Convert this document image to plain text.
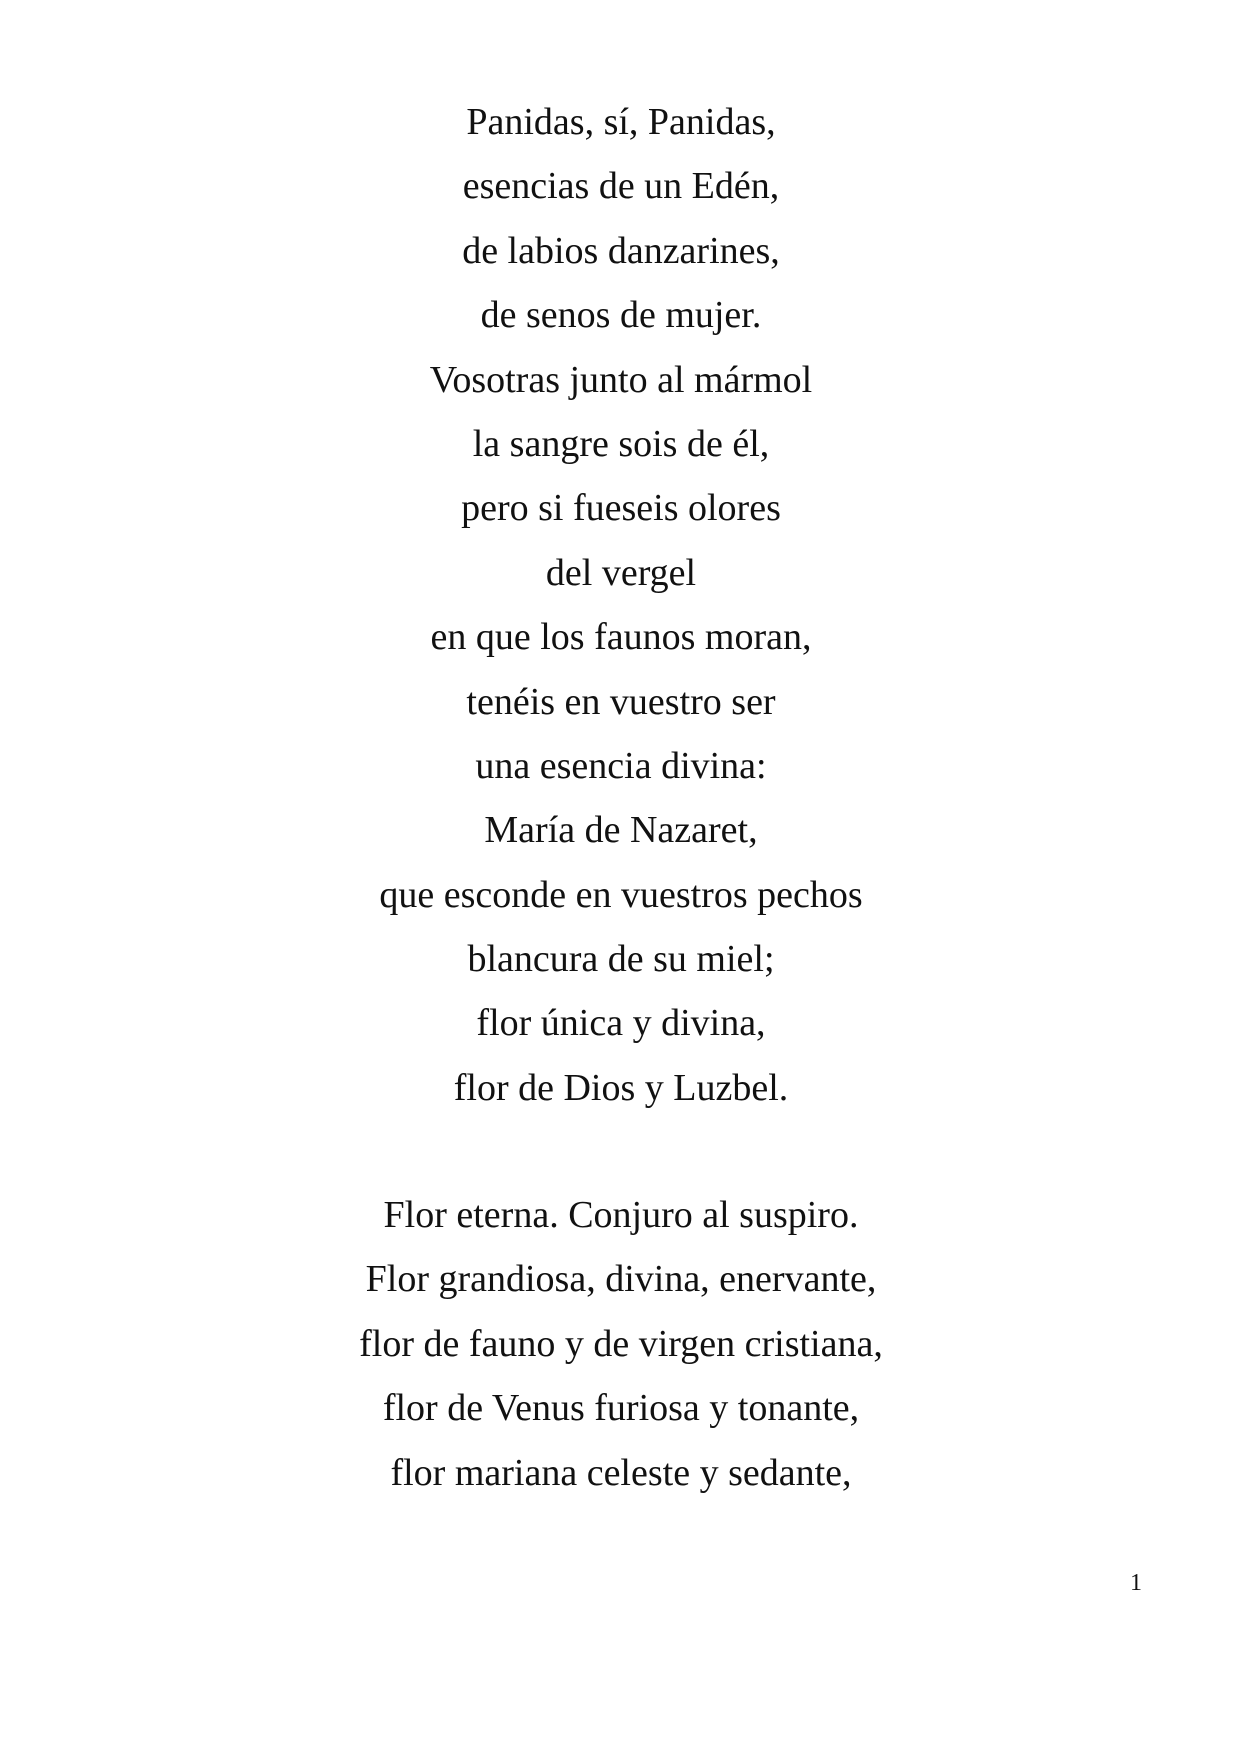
Panidas, sí, Panidas,
esencias de un Edén,
de labios danzarines,
de senos de mujer.
Vosotras junto al mármol
la sangre sois de él,
pero si fueseis olores
del vergel
en que los faunos moran,
tenéis en vuestro ser
una esencia divina:
María de Nazaret,
que esconde en vuestros pechos
blancura de su miel;
flor única y divina,
flor de Dios y Luzbel.
Flor eterna. Conjuro al suspiro.
Flor grandiosa, divina, enervante,
flor de fauno y de virgen cristiana,
flor de Venus furiosa y tonante,
flor mariana celeste y sedante,
1
